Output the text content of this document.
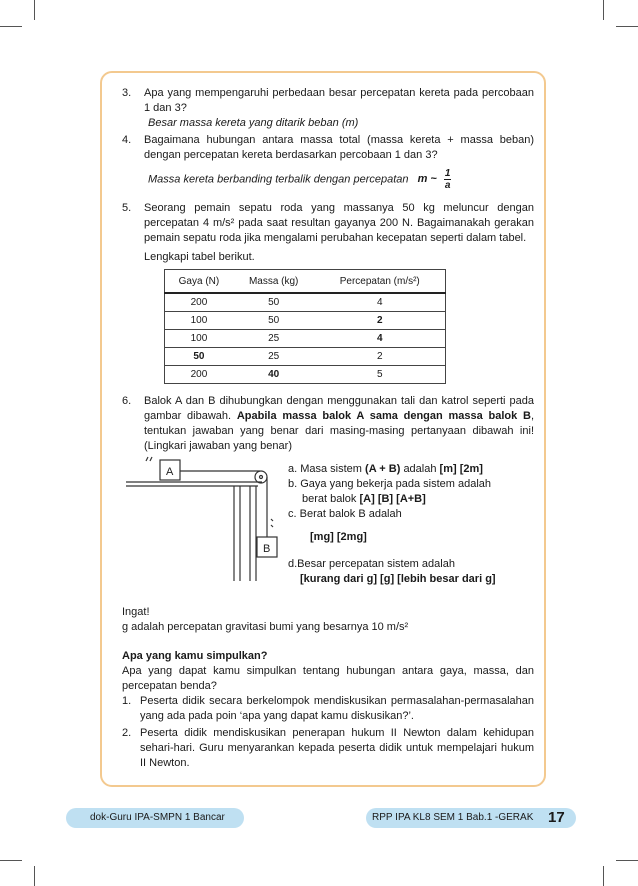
3. Apa yang mempengaruhi perbedaan besar percepatan kereta pada percobaan 1 dan 3?
Besar massa kereta yang ditarik beban (m)
4. Bagaimana hubungan antara massa total (massa kereta + massa beban) dengan percepatan kereta berdasarkan percobaan 1 dan 3?
Massa kereta berbanding terbalik dengan percepatan m ~ $\frac{1}{a}$
5. Seorang pemain sepatu roda yang massanya 50 kg meluncur dengan percepatan 4 m/s² pada saat resultan gayanya 200 N. Bagaimanakah gerakan pemain sepatu roda jika mengalami perubahan kecepatan seperti dalam tabel.
Lengkapi tabel berikut.
Gaya (N)	Massa (kg)	Percepatan (m/s²)
200	50	4
100	50	2
100	25	4
50	25	2
200	40	5
6. Balok A dan B dihubungkan dengan menggunakan tali dan katrol seperti pada gambar dibawah. Apabila massa balok A sama dengan massa balok B, tentukan jawaban yang benar dari masing-masing pertanyaan dibawah ini! (Lingkari jawaban yang benar)
A
B
a. Masa sistem (A + B) adalah [m] [2m]
b. Gaya yang bekerja pada sistem adalah
berat balok [A] [B] [A+B]
c. Berat balok B adalah
[mg] [2mg]
d.Besar percepatan sistem adalah
[kurang dari g] [g] [lebih besar dari g]

Ingat!

g adalah percepatan gravitasi bumi yang besarnya 10 m/s²

Apa yang kamu simpulkan?

Apa yang dapat kamu simpulkan tentang hubungan antara gaya, massa, dan percepatan benda?

1. Peserta didik secara berkelompok mendiskusikan permasalahan-permasalahan yang ada pada poin ‘apa yang dapat kamu diskusikan?’.
2. Peserta didik mendiskusikan penerapan hukum II Newton dalam kehidupan sehari-hari. Guru menyarankan kepada peserta didik untuk mempelajari hukum II Newton.
dok-Guru IPA-SMPN 1 Bancar	RPP IPA KL8 SEM 1 Bab.1 -GERAK 17
